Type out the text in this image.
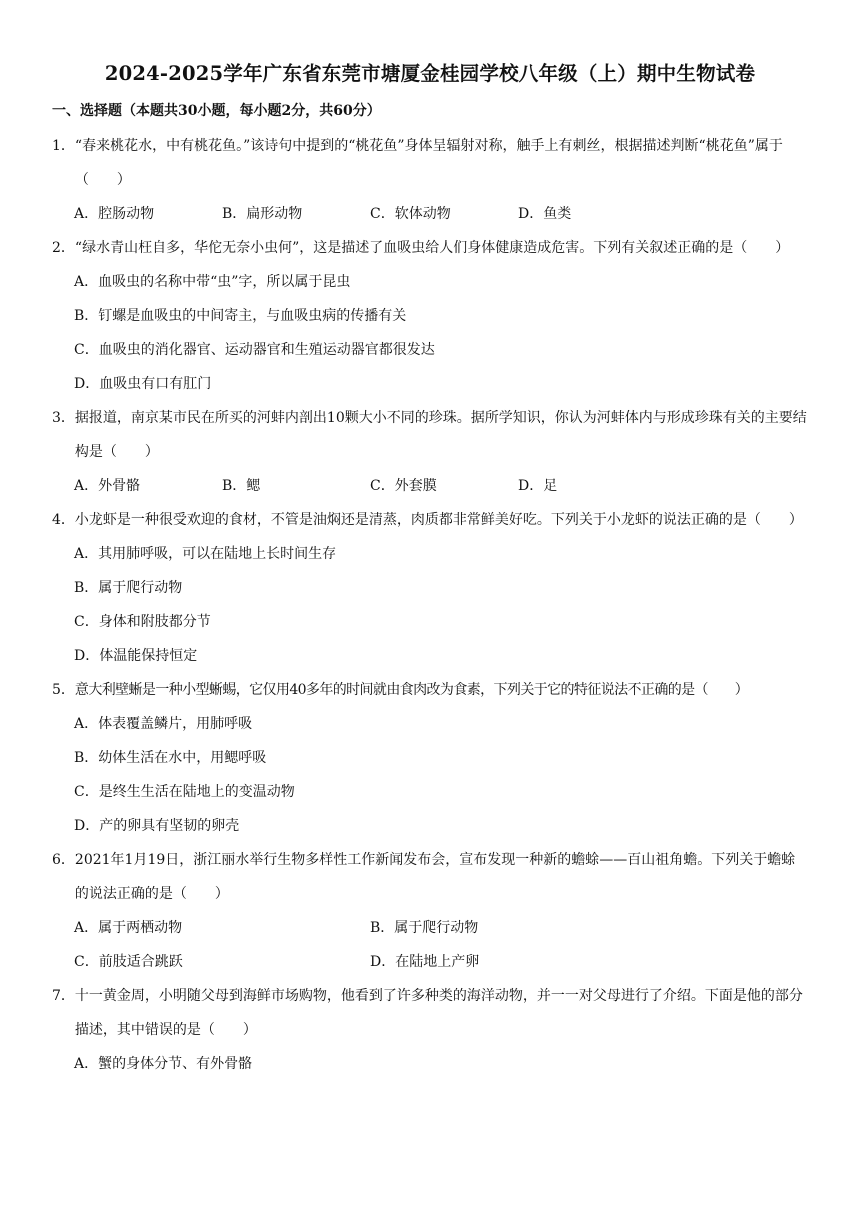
2024-2025学年广东省东莞市塘厦金桂园学校八年级（上）期中生物试卷
一、选择题（本题共30小题，每小题2分，共60分）
1． “春来桃花水，中有桃花鱼。”该诗句中提到的“桃花鱼”身体呈辐射对称，触手上有刺丝，根据描述判断“桃花鱼”属于（　　）
A．腔肠动物	B．扁形动物	C．软体动物	D．鱼类
2． “绿水青山枉自多，华佗无奈小虫何”，这是描述了血吸虫给人们身体健康造成危害。下列有关叙述正确的是（　　）
A．血吸虫的名称中带“虫”字，所以属于昆虫
B．钉螺是血吸虫的中间寄主，与血吸虫病的传播有关
C．血吸虫的消化器官、运动器官和生殖运动器官都很发达
D．血吸虫有口有肛门
3． 据报道，南京某市民在所买的河蚌内剖出10颗大小不同的珍珠。据所学知识，你认为河蚌体内与形成珍珠有关的主要结构是（　　）
A．外骨骼	B．鳃	C．外套膜	D．足
4． 小龙虾是一种很受欢迎的食材，不管是油焖还是清蒸，肉质都非常鲜美好吃。下列关于小龙虾的说法正确的是（　　）
A．其用肺呼吸，可以在陆地上长时间生存
B．属于爬行动物
C．身体和附肢都分节
D．体温能保持恒定
5． 意大利壁蜥是一种小型蜥蜴，它仅用40多年的时间就由食肉改为食素，下列关于它的特征说法不正确的是（　　）
A．体表覆盖鳞片，用肺呼吸
B．幼体生活在水中，用鳃呼吸
C．是终生生活在陆地上的变温动物
D．产的卵具有坚韧的卵壳
6． 2021年1月19日，浙江丽水举行生物多样性工作新闻发布会，宣布发现一种新的蟾蜍——百山祖角蟾。下列关于蟾蜍的说法正确的是（　　）
A．属于两栖动物	B．属于爬行动物
C．前肢适合跳跃	D．在陆地上产卵
7． 十一黄金周，小明随父母到海鲜市场购物，他看到了许多种类的海洋动物，并一一对父母进行了介绍。下面是他的部分描述，其中错误的是（　　）
A．蟹的身体分节、有外骨骼
